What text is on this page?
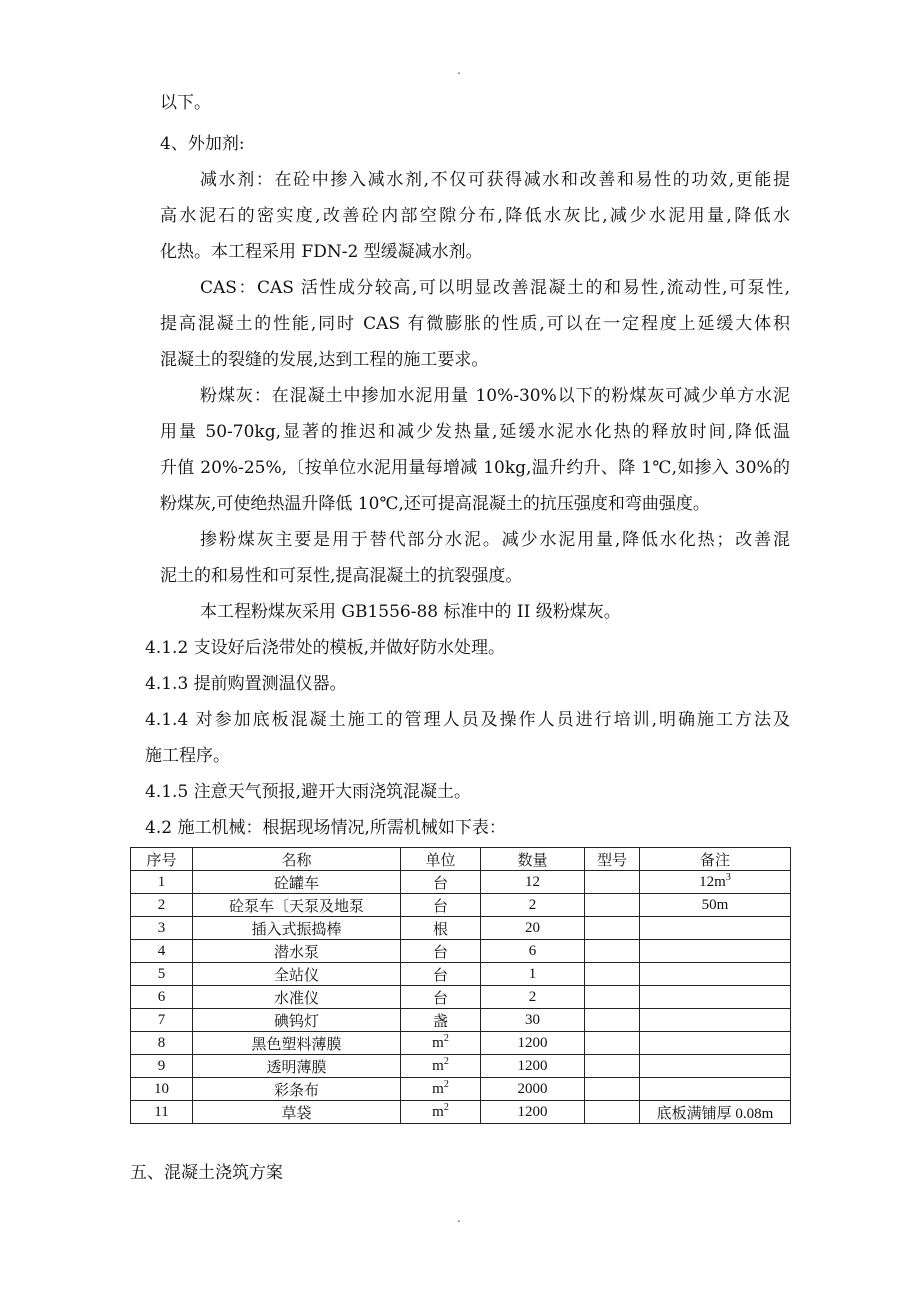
.
以下。
4、外加剂:
减水剂：在砼中掺入减水剂,不仅可获得减水和改善和易性的功效,更能提
高水泥石的密实度,改善砼内部空隙分布,降低水灰比,减少水泥用量,降低水
化热。本工程采用 FDN-2 型缓凝减水剂。
CAS：CAS 活性成分较高,可以明显改善混凝土的和易性,流动性,可泵性,
提高混凝土的性能,同时 CAS 有微膨胀的性质,可以在一定程度上延缓大体积
混凝土的裂缝的发展,达到工程的施工要求。
粉煤灰：在混凝土中掺加水泥用量 10%-30%以下的粉煤灰可减少单方水泥
用量 50-70kg,显著的推迟和减少发热量,延缓水泥水化热的释放时间,降低温
升值 20%-25%,〔按单位水泥用量每增减 10kg,温升约升、降 1℃,如掺入 30%的
粉煤灰,可使绝热温升降低 10℃,还可提高混凝土的抗压强度和弯曲强度。
掺粉煤灰主要是用于替代部分水泥。减少水泥用量,降低水化热；改善混
泥土的和易性和可泵性,提高混凝土的抗裂强度。
本工程粉煤灰采用 GB1556-88 标准中的 II 级粉煤灰。
4.1.2 支设好后浇带处的模板,并做好防水处理。
4.1.3 提前购置测温仪器。
4.1.4 对参加底板混凝土施工的管理人员及操作人员进行培训,明确施工方法及
施工程序。
4.1.5 注意天气预报,避开大雨浇筑混凝土。
4.2 施工机械：根据现场情况,所需机械如下表：
序号	名称	单位	数量	型号	备注
1	砼罐车	台	12		$12m^3$
2	砼泵车〔天泵及地泵	台	2		50m
3	插入式振捣棒	根	20		
4	潜水泵	台	6		
5	全站仪	台	1		
6	水准仪	台	2		
7	碘钨灯	盏	30		
8	黑色塑料薄膜	$m^2$	1200		
9	透明薄膜	$m^2$	1200		
10	彩条布	$m^2$	2000		
11	草袋	$m^2$	1200		底板满铺厚 0.08m
五、混凝土浇筑方案
.
